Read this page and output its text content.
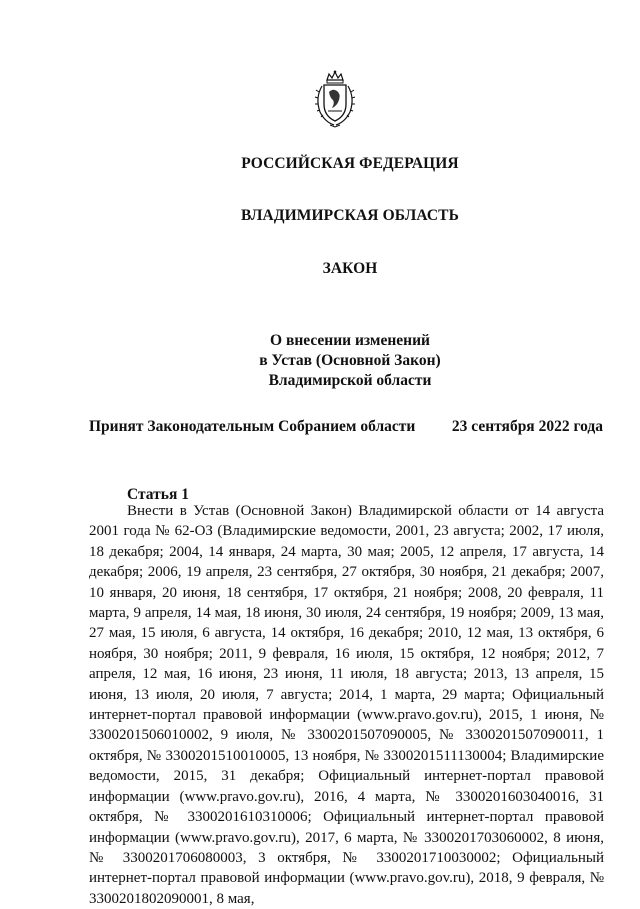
РОССИЙСКАЯ ФЕДЕРАЦИЯ
ВЛАДИМИРСКАЯ ОБЛАСТЬ
ЗАКОН
О внесении изменений
в Устав (Основной Закон)
Владимирской области
Принят Законодательным Собранием области 23 сентября 2022 года
Статья 1
Внести в Устав (Основной Закон) Владимирской области от 14 августа 2001 года № 62-ОЗ (Владимирские ведомости, 2001, 23 августа; 2002, 17 июля, 18 декабря; 2004, 14 января, 24 марта, 30 мая; 2005, 12 апреля, 17 августа, 14 декабря; 2006, 19 апреля, 23 сентября, 27 октября, 30 ноября, 21 декабря; 2007, 10 января, 20 июня, 18 сентября, 17 октября, 21 ноября; 2008, 20 февраля, 11 марта, 9 апреля, 14 мая, 18 июня, 30 июля, 24 сентября, 19 ноября; 2009, 13 мая, 27 мая, 15 июля, 6 августа, 14 октября, 16 декабря; 2010, 12 мая, 13 октября, 6 ноября, 30 ноября; 2011, 9 февраля, 16 июля, 15 октября, 12 ноября; 2012, 7 апреля, 12 мая, 16 июня, 23 июня, 11 июля, 18 августа; 2013, 13 апреля, 15 июня, 13 июля, 20 июля, 7 августа; 2014, 1 марта, 29 марта; Официальный интернет-портал правовой информации (www.pravo.gov.ru), 2015, 1 июня, № 3300201506010002, 9 июля, № 3300201507090005, № 3300201507090011, 1 октября, № 3300201510010005, 13 ноября, № 3300201511130004; Владимирские ведомости, 2015, 31 декабря; Официальный интернет-портал правовой информации (www.pravo.gov.ru), 2016, 4 марта, № 3300201603040016, 31 октября, № 3300201610310006; Официальный интернет-портал правовой информации (www.pravo.gov.ru), 2017, 6 марта, № 3300201703060002, 8 июня, № 3300201706080003, 3 октября, № 3300201710030002; Официальный интернет-портал правовой информации (www.pravo.gov.ru), 2018, 9 февраля, № 3300201802090001, 8 мая,
